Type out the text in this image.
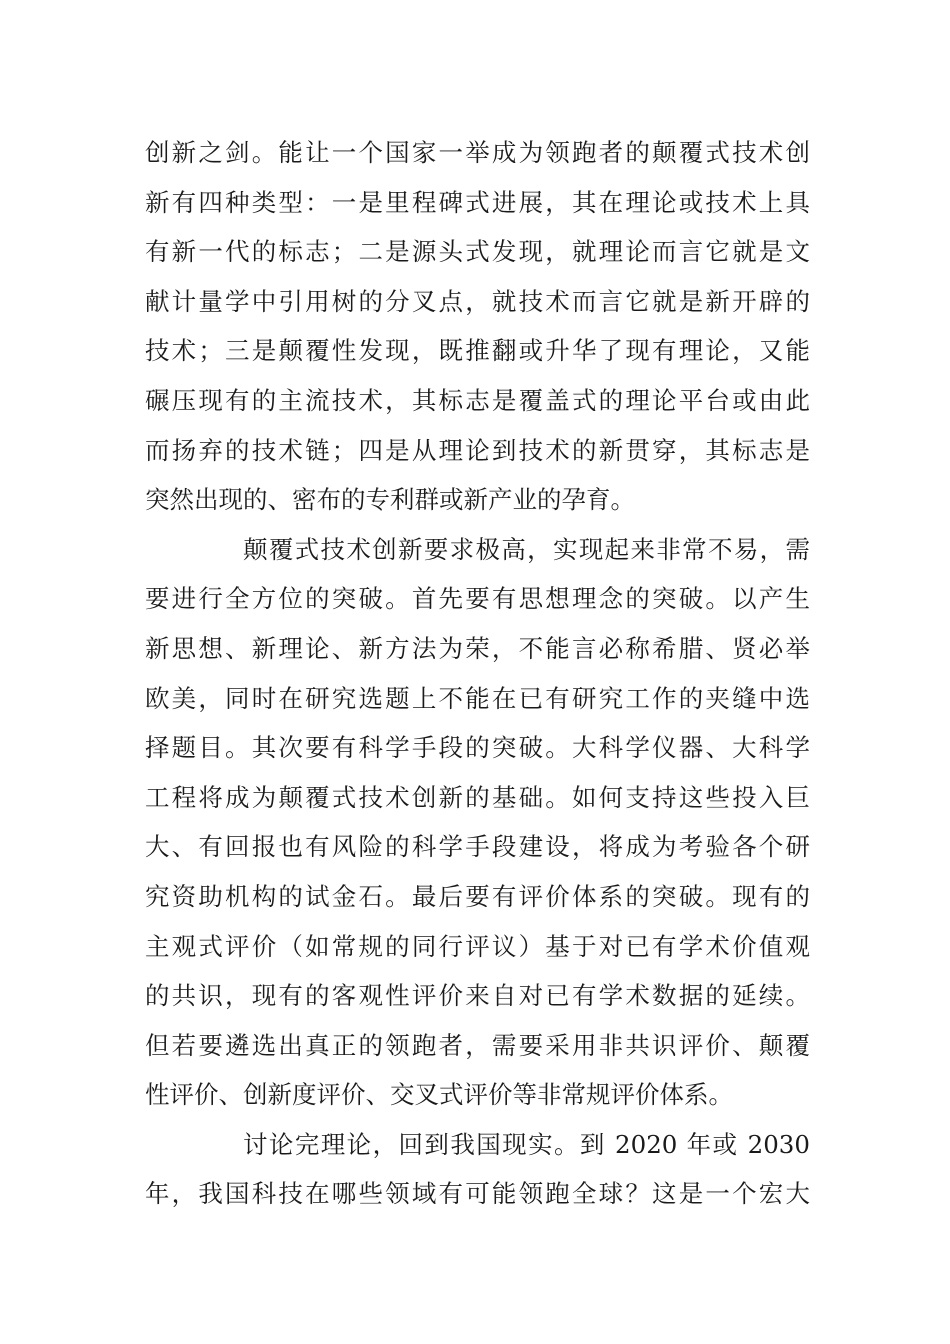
创新之剑。能让一个国家一举成为领跑者的颠覆式技术创
新有四种类型：一是里程碑式进展，其在理论或技术上具
有新一代的标志；二是源头式发现，就理论而言它就是文
献计量学中引用树的分叉点，就技术而言它就是新开辟的
技术；三是颠覆性发现，既推翻或升华了现有理论，又能
碾压现有的主流技术，其标志是覆盖式的理论平台或由此
而扬弃的技术链；四是从理论到技术的新贯穿，其标志是
突然出现的、密布的专利群或新产业的孕育。
颠覆式技术创新要求极高，实现起来非常不易，需
要进行全方位的突破。首先要有思想理念的突破。以产生
新思想、新理论、新方法为荣，不能言必称希腊、贤必举
欧美，同时在研究选题上不能在已有研究工作的夹缝中选
择题目。其次要有科学手段的突破。大科学仪器、大科学
工程将成为颠覆式技术创新的基础。如何支持这些投入巨
大、有回报也有风险的科学手段建设，将成为考验各个研
究资助机构的试金石。最后要有评价体系的突破。现有的
主观式评价（如常规的同行评议）基于对已有学术价值观
的共识，现有的客观性评价来自对已有学术数据的延续。
但若要遴选出真正的领跑者，需要采用非共识评价、颠覆
性评价、创新度评价、交叉式评价等非常规评价体系。
讨论完理论，回到我国现实。到 2020 年或 2030
年，我国科技在哪些领域有可能领跑全球？这是一个宏大
